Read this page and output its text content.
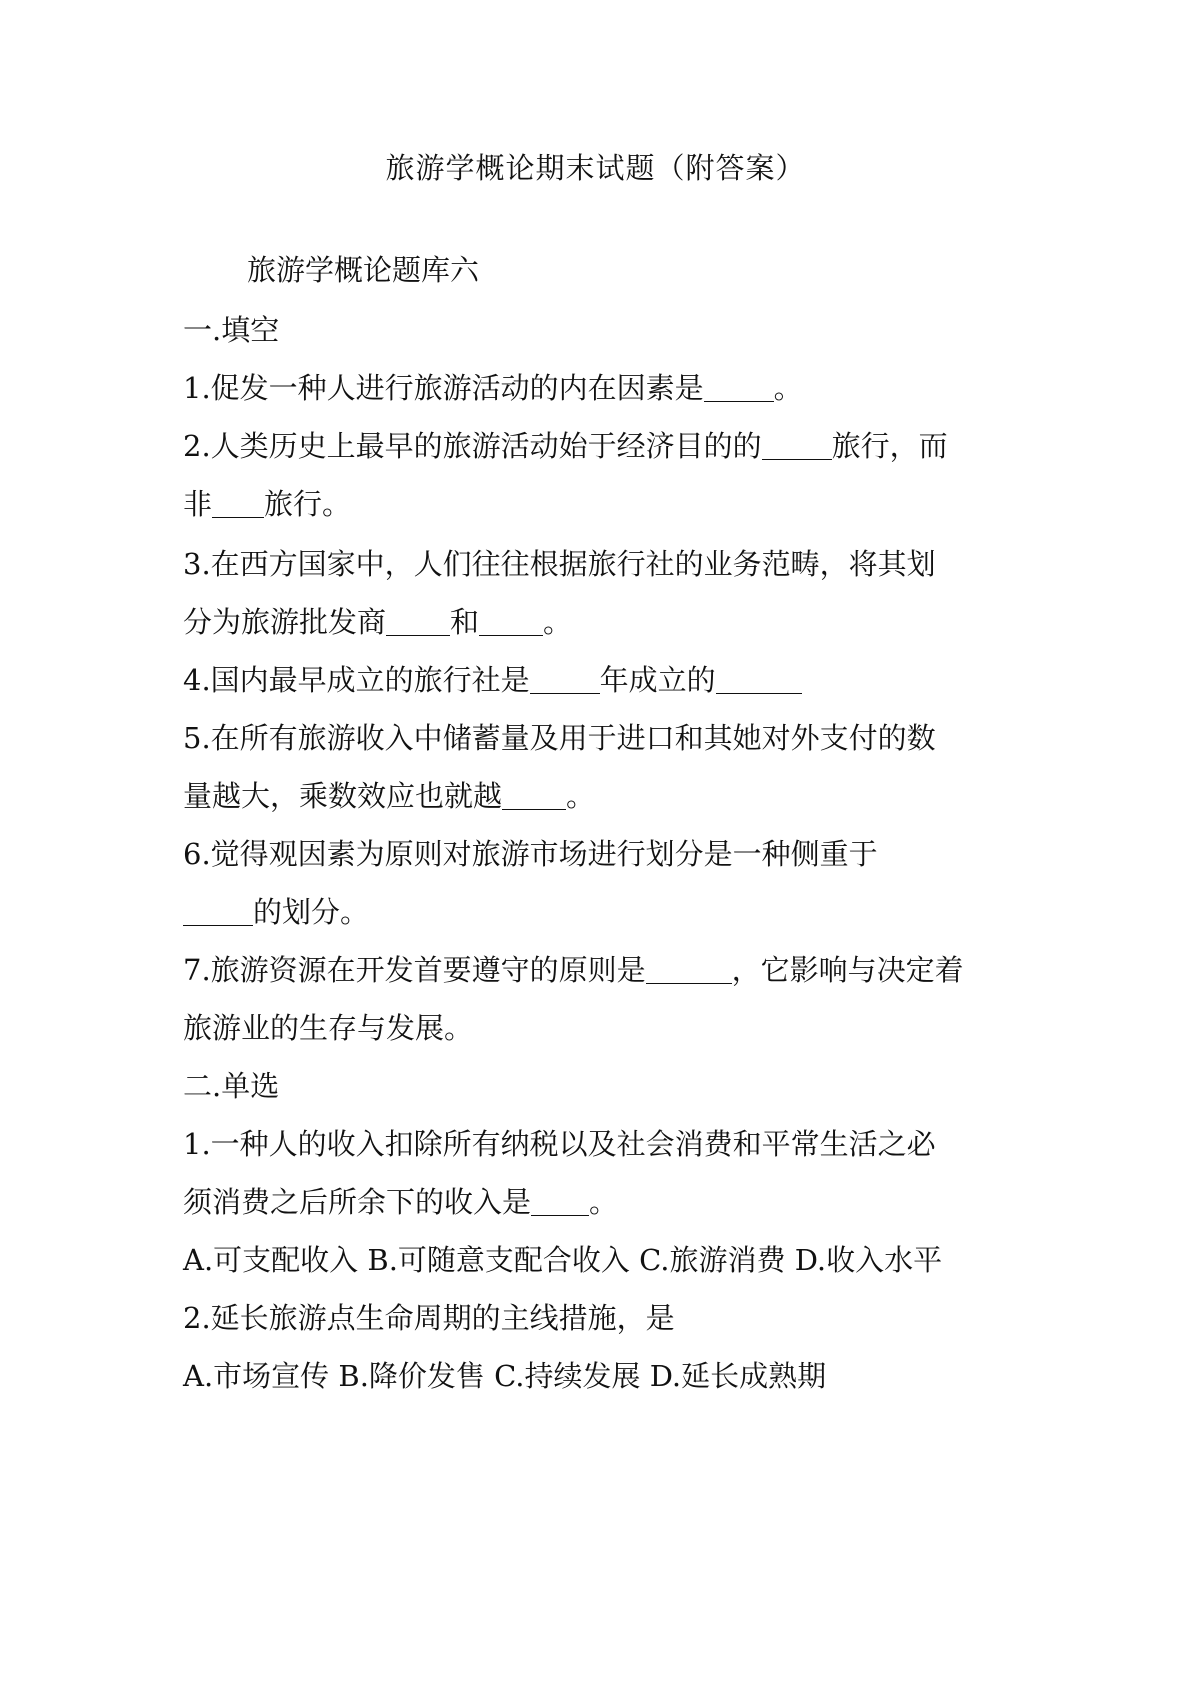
旅游学概论期末试题（附答案）
旅游学概论题库六
一.填空
1.促发一种人进行旅游活动的内在因素是 。
2.人类历史上最早的旅游活动始于经济目的的 旅行，而
非 旅行。
3.在西方国家中，人们往往根据旅行社的业务范畴，将其划
分为旅游批发商 和 。
4.国内最早成立的旅行社是 年成立的
5.在所有旅游收入中储蓄量及用于进口和其她对外支付的数
量越大，乘数效应也就越 。
6.觉得观因素为原则对旅游市场进行划分是一种侧重于
的划分。
7.旅游资源在开发首要遵守的原则是	，它影响与决定着
旅游业的生存与发展。
二.单选
1.一种人的收入扣除所有纳税以及社会消费和平常生活之必
须消费之后所余下的收入是 。
A.可支配收入 B.可随意支配合收入 C.旅游消费 D.收入水平
2.延长旅游点生命周期的主线措施，是
A.市场宣传 B.降价发售 C.持续发展 D.延长成熟期
